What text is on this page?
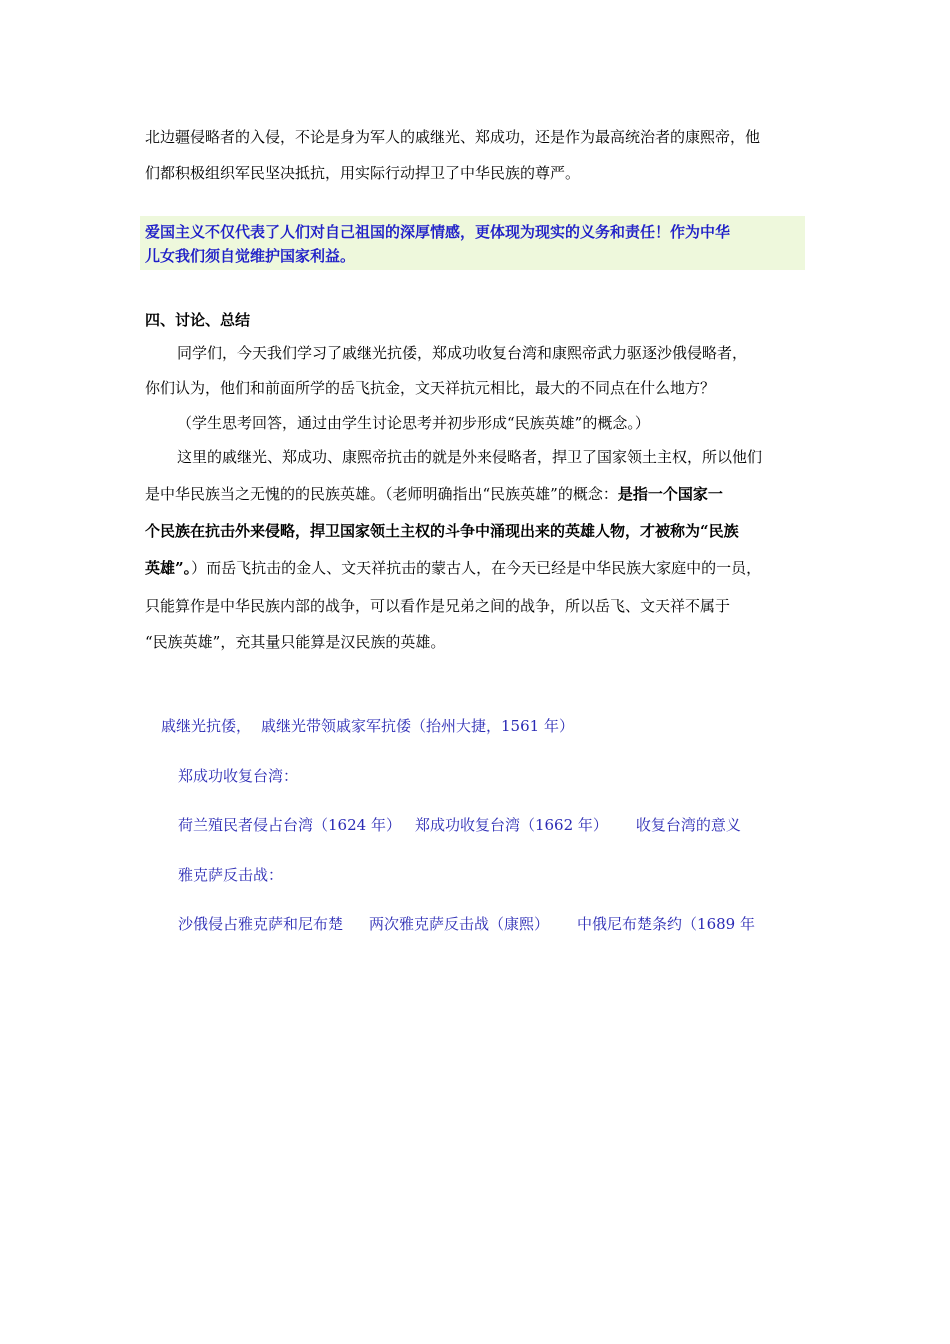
北边疆侵略者的入侵，不论是身为军人的戚继光、郑成功，还是作为最高统治者的康熙帝，他
们都积极组织军民坚决抵抗，用实际行动捍卫了中华民族的尊严。
爱国主义不仅代表了人们对自己祖国的深厚情感，更体现为现实的义务和责任！作为中华
儿女我们须自觉维护国家利益。
四、讨论、总结
同学们，今天我们学习了戚继光抗倭，郑成功收复台湾和康熙帝武力驱逐沙俄侵略者，
你们认为，他们和前面所学的岳飞抗金，文天祥抗元相比，最大的不同点在什么地方？
（学生思考回答，通过由学生讨论思考并初步形成“民族英雄”的概念。）
这里的戚继光、郑成功、康熙帝抗击的就是外来侵略者，捍卫了国家领土主权，所以他们
是中华民族当之无愧的的民族英雄。（老师明确指出“民族英雄”的概念：是指一个国家一
个民族在抗击外来侵略，捍卫国家领土主权的斗争中涌现出来的英雄人物，才被称为“民族
英雄”。）而岳飞抗击的金人、文天祥抗击的蒙古人，在今天已经是中华民族大家庭中的一员，
只能算作是中华民族内部的战争，可以看作是兄弟之间的战争，所以岳飞、文天祥不属于
“民族英雄”，充其量只能算是汉民族的英雄。
戚继光抗倭， 戚继光带领戚家军抗倭（抬州大捷，1561 年）
郑成功收复台湾：
荷兰殖民者侵占台湾（1624 年） 郑成功收复台湾（1662 年） 收复台湾的意义
雅克萨反击战：
沙俄侵占雅克萨和尼布楚 两次雅克萨反击战（康熙） 中俄尼布楚条约（1689 年
